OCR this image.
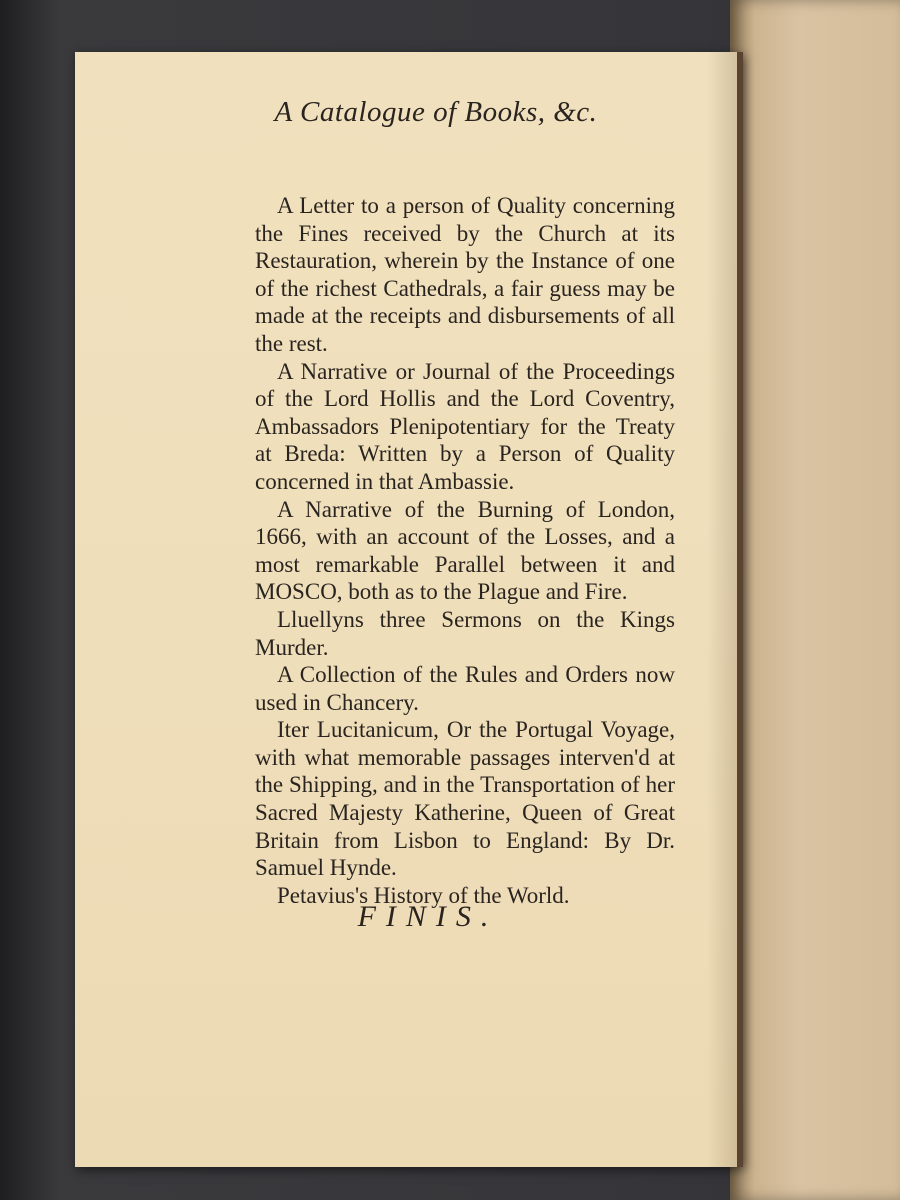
A Catalogue of Books, &c.

A Letter to a person of Quality concerning the Fines received by the Church at its Restauration, wherein by the Instance of one of the richest Cathedrals, a fair guess may be made at the receipts and disbursements of all the rest.

A Narrative or Journal of the Proceedings of the Lord Hollis and the Lord Coventry, Ambassadors Plenipotentiary for the Treaty at Breda: Written by a Person of Quality concerned in that Ambassie.

A Narrative of the Burning of London, 1666, with an account of the Losses, and a most remarkable Parallel between it and MOSCO, both as to the Plague and Fire.

Lluellyns three Sermons on the Kings Murder.

A Collection of the Rules and Orders now used in Chancery.

Iter Lucitanicum, Or the Portugal Voyage, with what memorable passages interven'd at the Shipping, and in the Transportation of her Sacred Majesty Katherine, Queen of Great Britain from Lisbon to England: By Dr. Samuel Hynde.

Petavius's History of the World.

FINIS.
